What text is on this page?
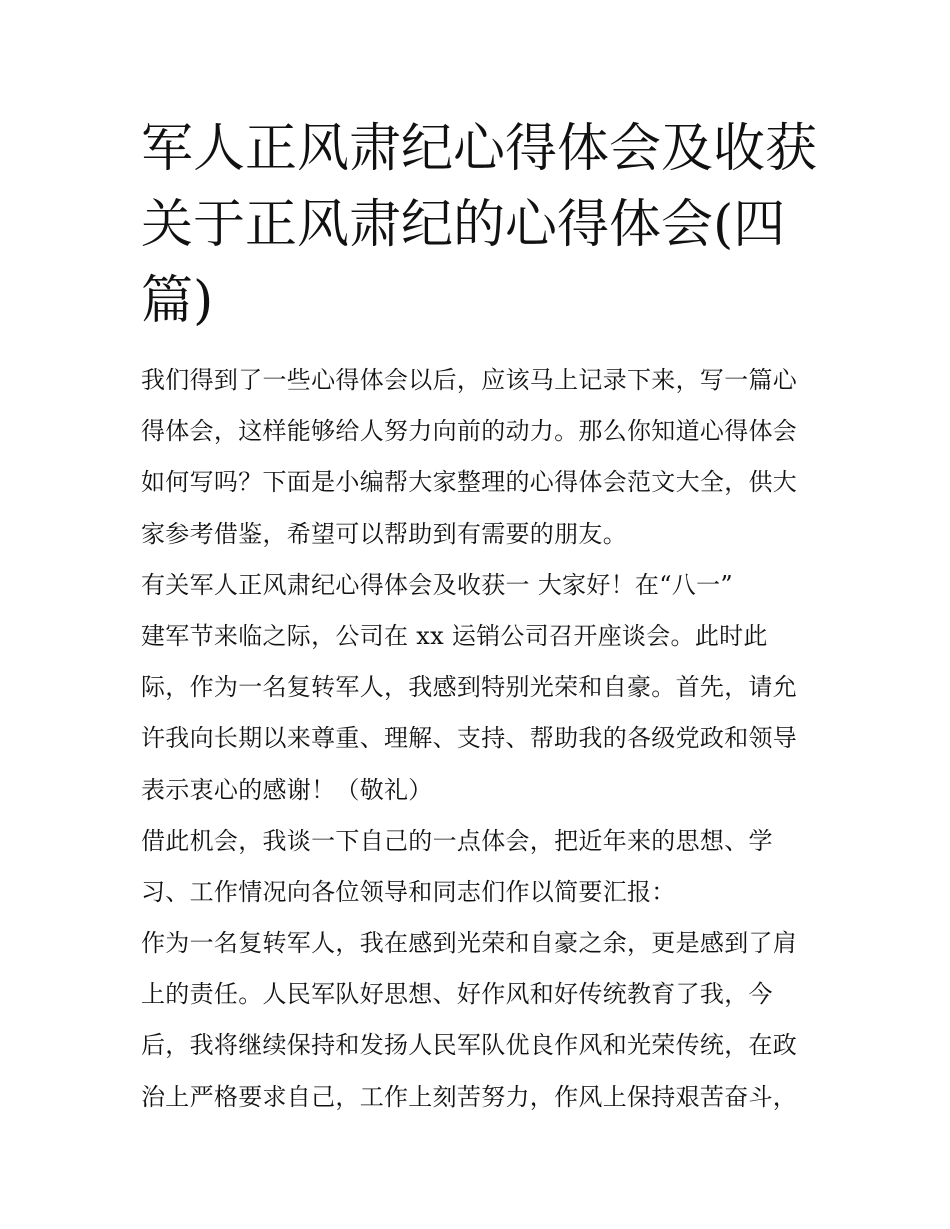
军人正风肃纪心得体会及收获
关于正风肃纪的心得体会(四
篇)
我们得到了一些心得体会以后，应该马上记录下来，写一篇心
得体会，这样能够给人努力向前的动力。那么你知道心得体会
如何写吗？下面是小编帮大家整理的心得体会范文大全，供大
家参考借鉴，希望可以帮助到有需要的朋友。
有关军人正风肃纪心得体会及收获一 大家好！在“八一”
建军节来临之际，公司在 xx 运销公司召开座谈会。此时此
际，作为一名复转军人，我感到特别光荣和自豪。首先，请允
许我向长期以来尊重、理解、支持、帮助我的各级党政和领导
表示衷心的感谢！（敬礼）
借此机会，我谈一下自己的一点体会，把近年来的思想、学
习、工作情况向各位领导和同志们作以简要汇报：
作为一名复转军人，我在感到光荣和自豪之余，更是感到了肩
上的责任。人民军队好思想、好作风和好传统教育了我，今
后，我将继续保持和发扬人民军队优良作风和光荣传统，在政
治上严格要求自己，工作上刻苦努力，作风上保持艰苦奋斗，
